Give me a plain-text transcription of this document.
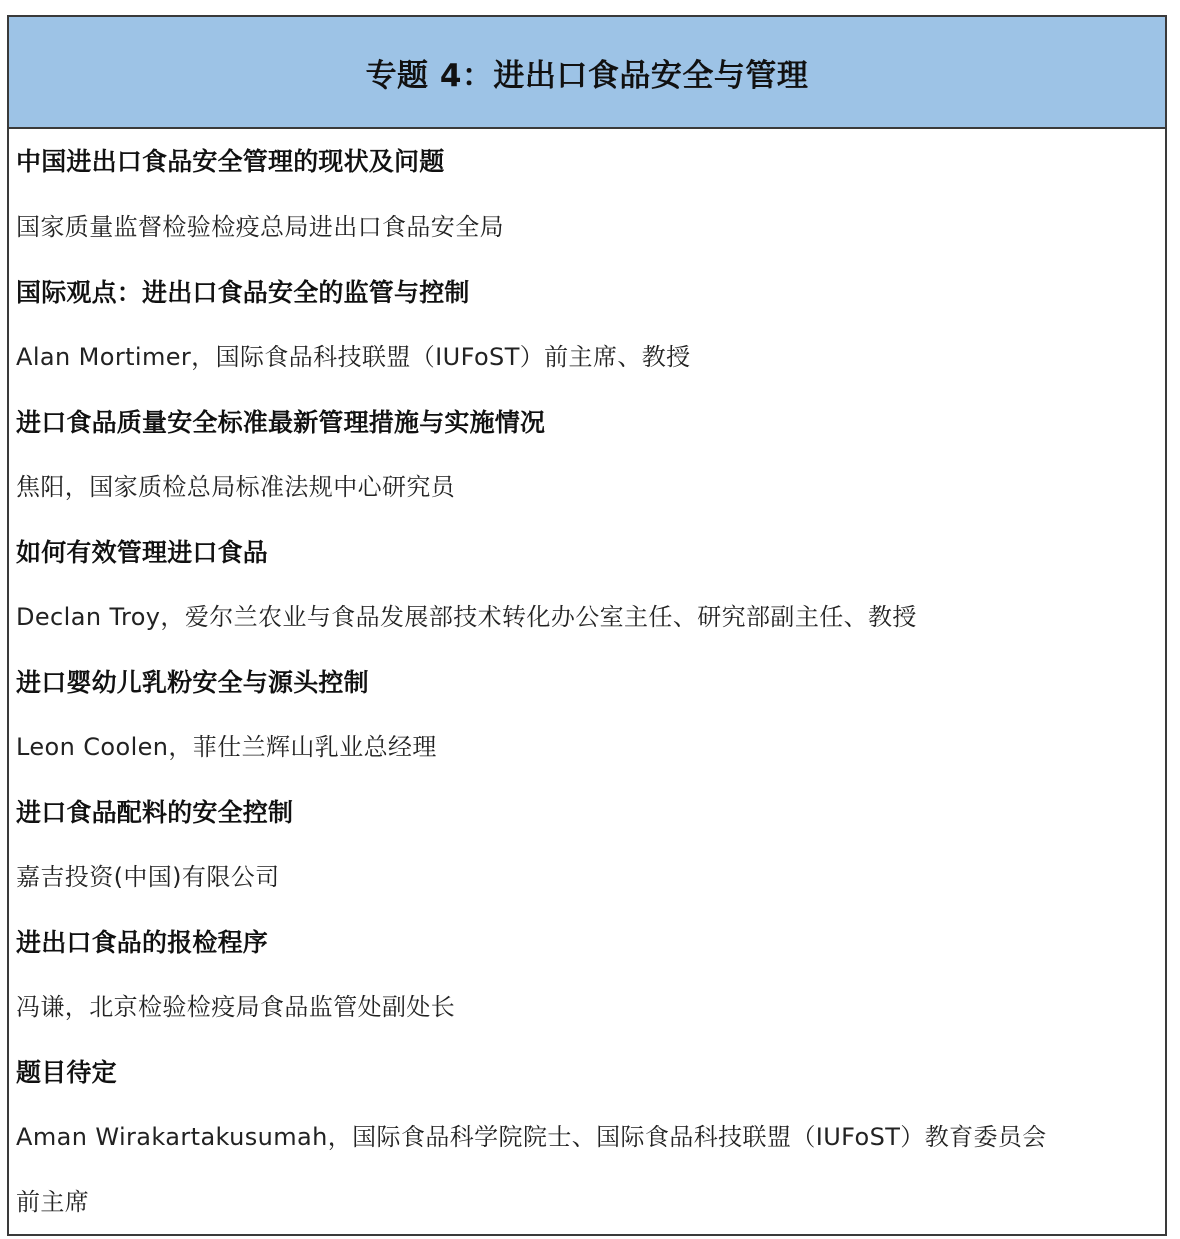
专题 4：进出口食品安全与管理
中国进出口食品安全管理的现状及问题
国家质量监督检验检疫总局进出口食品安全局
国际观点：进出口食品安全的监管与控制
Alan Mortimer，国际食品科技联盟（IUFoST）前主席、教授
进口食品质量安全标准最新管理措施与实施情况
焦阳，国家质检总局标准法规中心研究员
如何有效管理进口食品
Declan Troy，爱尔兰农业与食品发展部技术转化办公室主任、研究部副主任、教授
进口婴幼儿乳粉安全与源头控制
Leon Coolen，菲仕兰辉山乳业总经理
进口食品配料的安全控制
嘉吉投资(中国)有限公司
进出口食品的报检程序
冯谦，北京检验检疫局食品监管处副处长
题目待定
Aman Wirakartakusumah，国际食品科学院院士、国际食品科技联盟（IUFoST）教育委员会
前主席
